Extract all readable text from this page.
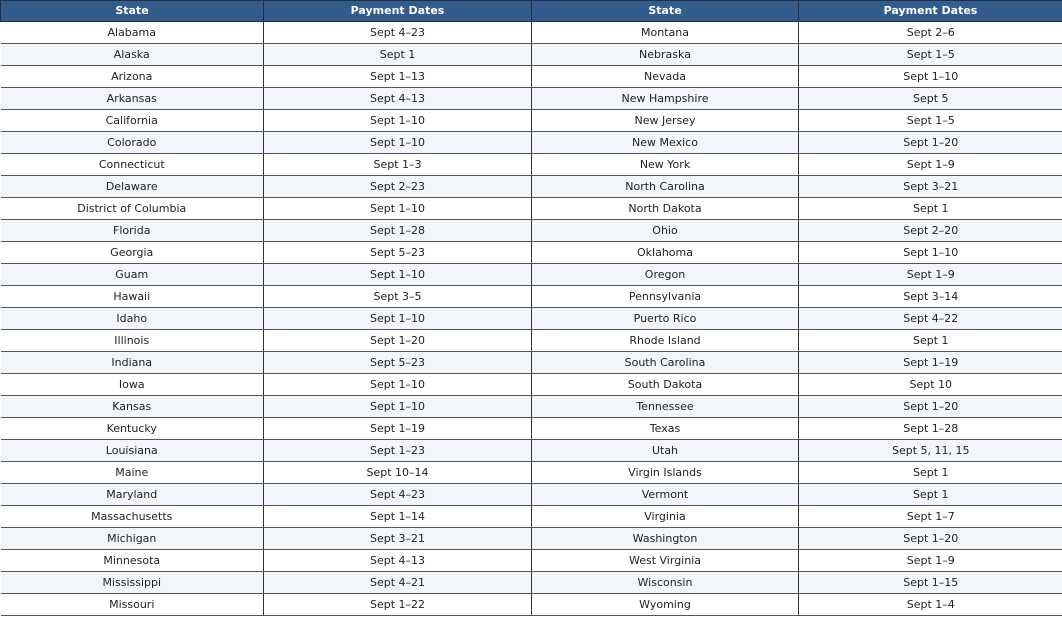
State	Payment Dates	State	Payment Dates
Alabama	Sept 4–23	Montana	Sept 2–6
Alaska	Sept 1	Nebraska	Sept 1–5
Arizona	Sept 1–13	Nevada	Sept 1–10
Arkansas	Sept 4–13	New Hampshire	Sept 5
California	Sept 1–10	New Jersey	Sept 1–5
Colorado	Sept 1–10	New Mexico	Sept 1–20
Connecticut	Sept 1–3	New York	Sept 1–9
Delaware	Sept 2–23	North Carolina	Sept 3–21
District of Columbia	Sept 1–10	North Dakota	Sept 1
Florida	Sept 1–28	Ohio	Sept 2–20
Georgia	Sept 5–23	Oklahoma	Sept 1–10
Guam	Sept 1–10	Oregon	Sept 1–9
Hawaii	Sept 3–5	Pennsylvania	Sept 3–14
Idaho	Sept 1–10	Puerto Rico	Sept 4–22
Illinois	Sept 1–20	Rhode Island	Sept 1
Indiana	Sept 5–23	South Carolina	Sept 1–19
Iowa	Sept 1–10	South Dakota	Sept 10
Kansas	Sept 1–10	Tennessee	Sept 1–20
Kentucky	Sept 1–19	Texas	Sept 1–28
Louisiana	Sept 1–23	Utah	Sept 5, 11, 15
Maine	Sept 10–14	Virgin Islands	Sept 1
Maryland	Sept 4–23	Vermont	Sept 1
Massachusetts	Sept 1–14	Virginia	Sept 1–7
Michigan	Sept 3–21	Washington	Sept 1–20
Minnesota	Sept 4–13	West Virginia	Sept 1–9
Mississippi	Sept 4–21	Wisconsin	Sept 1–15
Missouri	Sept 1–22	Wyoming	Sept 1–4
